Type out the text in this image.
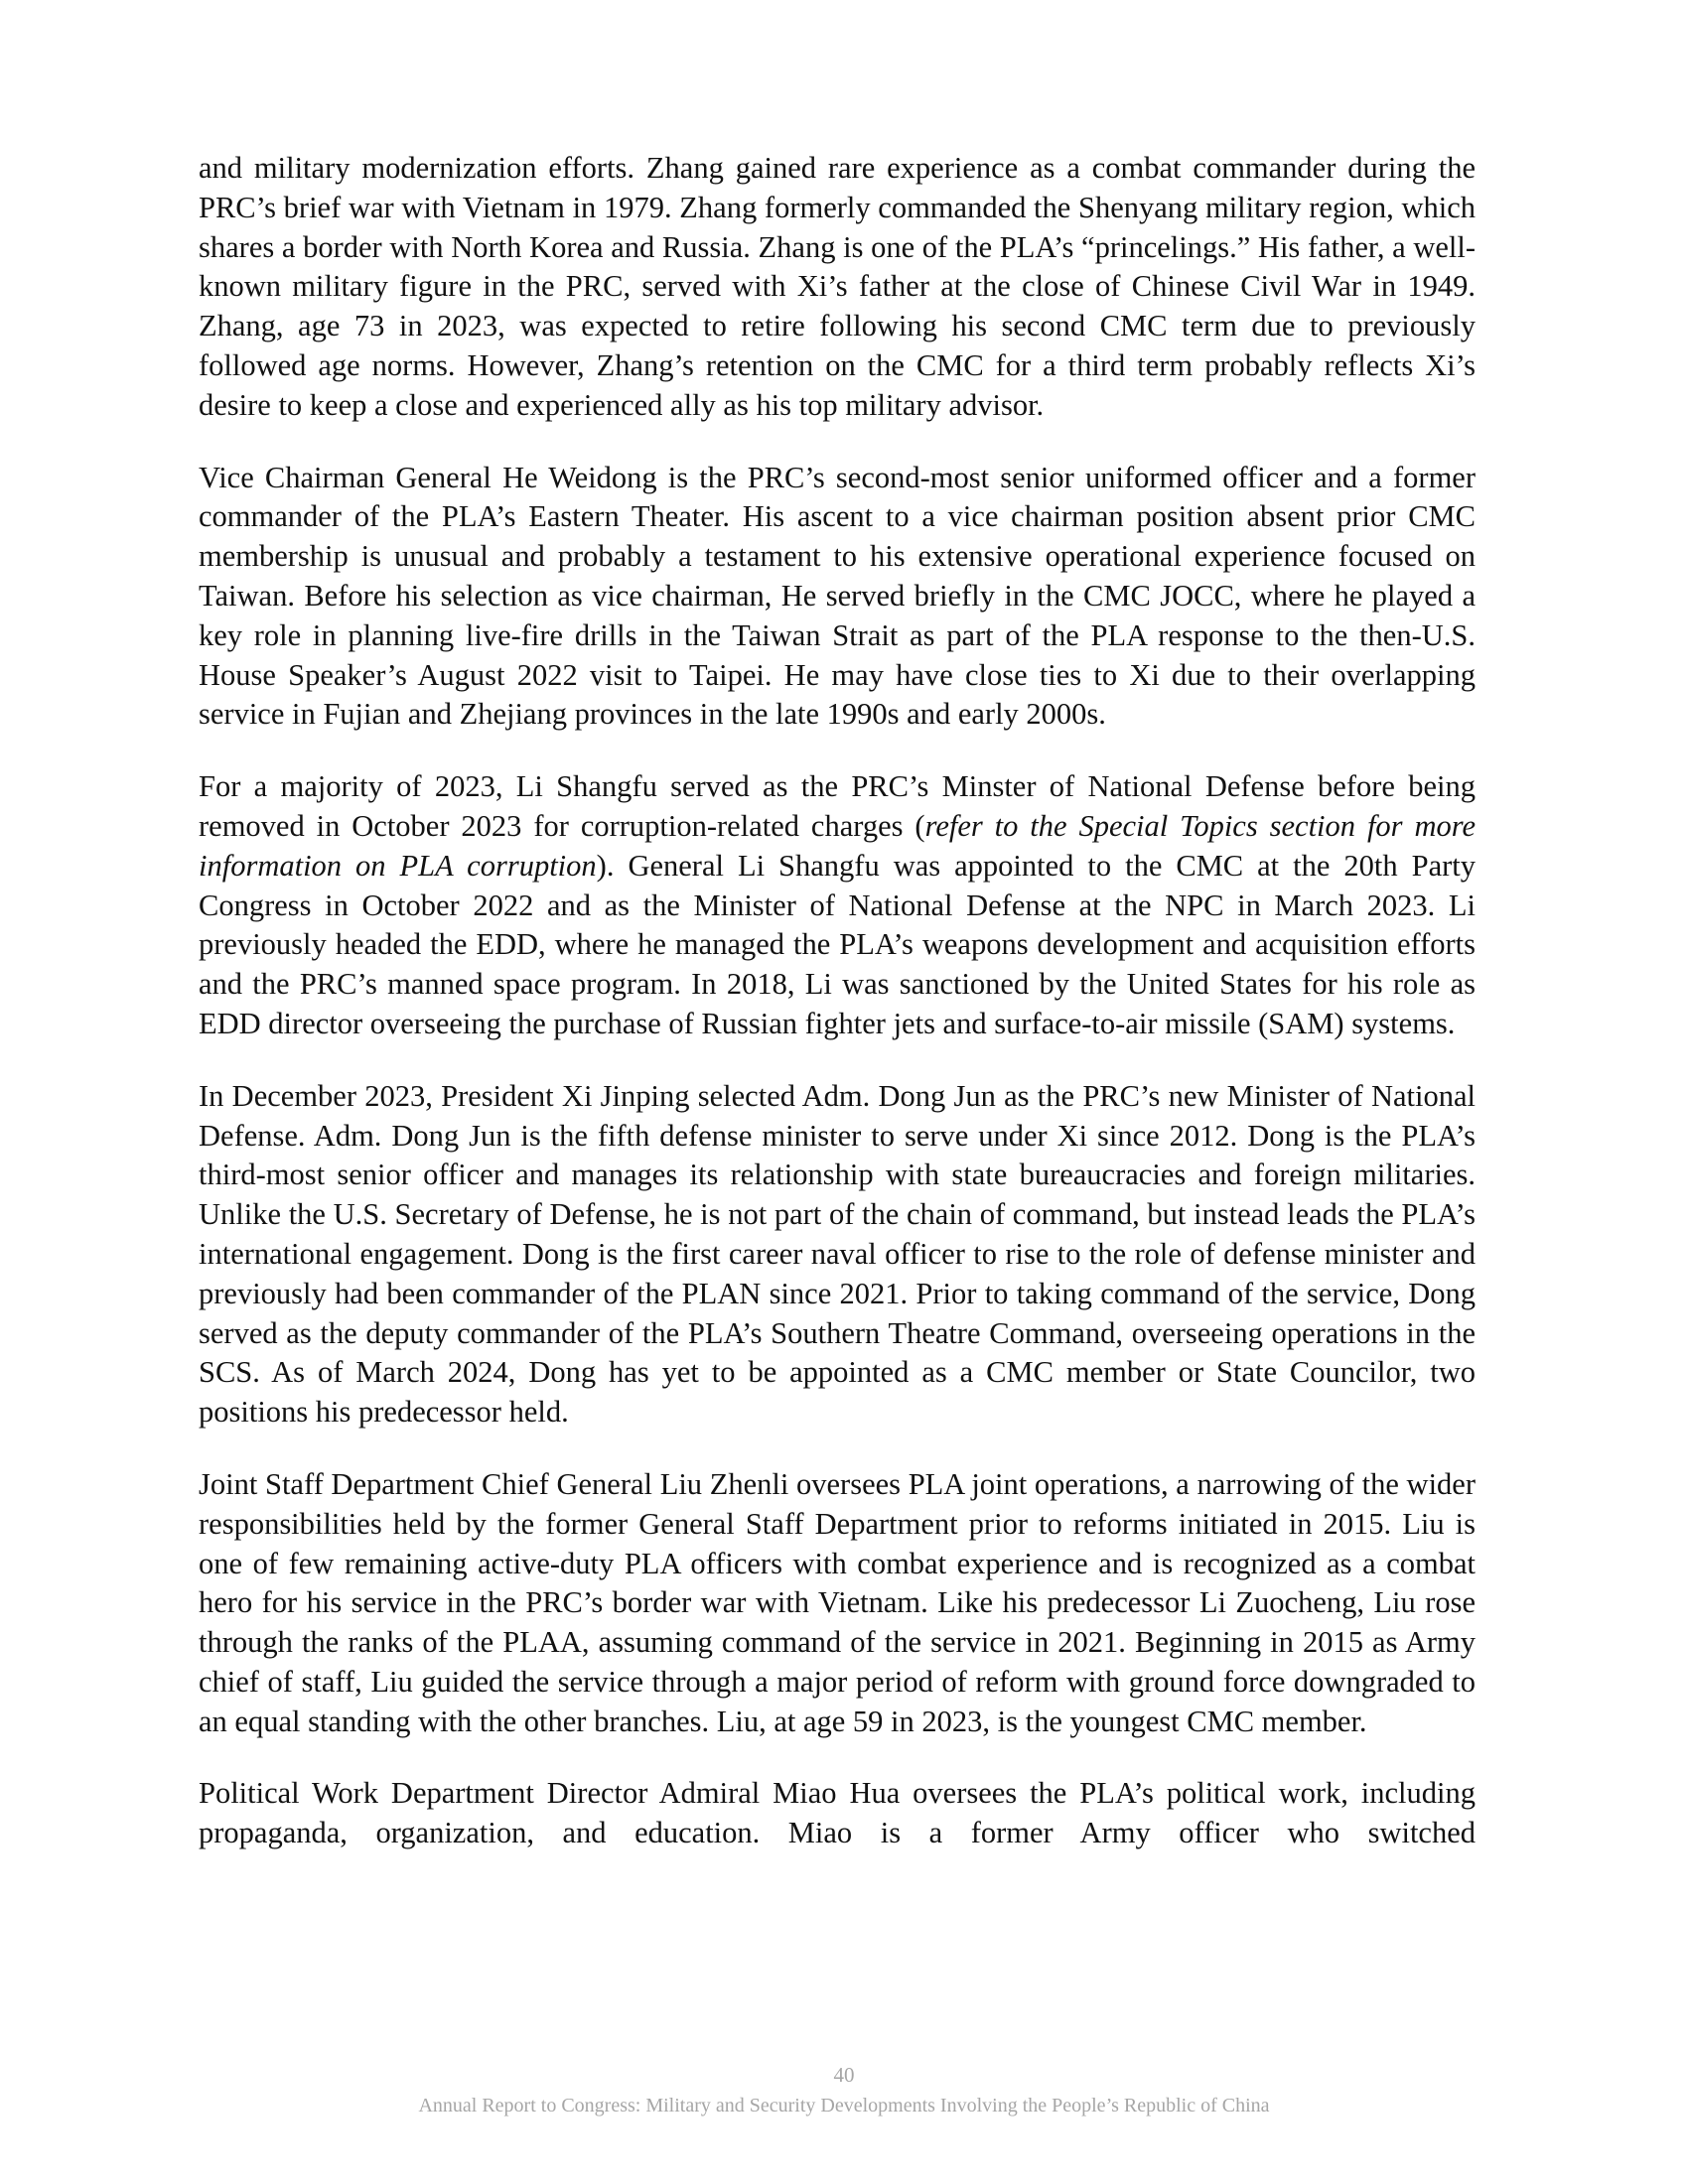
and military modernization efforts. Zhang gained rare experience as a combat commander during the PRC’s brief war with Vietnam in 1979. Zhang formerly commanded the Shenyang military region, which shares a border with North Korea and Russia. Zhang is one of the PLA’s “princelings.” His father, a well-known military figure in the PRC, served with Xi’s father at the close of Chinese Civil War in 1949. Zhang, age 73 in 2023, was expected to retire following his second CMC term due to previously followed age norms. However, Zhang’s retention on the CMC for a third term probably reflects Xi’s desire to keep a close and experienced ally as his top military advisor.

Vice Chairman General He Weidong is the PRC’s second-most senior uniformed officer and a former commander of the PLA’s Eastern Theater. His ascent to a vice chairman position absent prior CMC membership is unusual and probably a testament to his extensive operational experience focused on Taiwan. Before his selection as vice chairman, He served briefly in the CMC JOCC, where he played a key role in planning live-fire drills in the Taiwan Strait as part of the PLA response to the then-U.S. House Speaker’s August 2022 visit to Taipei. He may have close ties to Xi due to their overlapping service in Fujian and Zhejiang provinces in the late 1990s and early 2000s.

For a majority of 2023, Li Shangfu served as the PRC’s Minster of National Defense before being removed in October 2023 for corruption-related charges (refer to the Special Topics section for more information on PLA corruption). General Li Shangfu was appointed to the CMC at the 20th Party Congress in October 2022 and as the Minister of National Defense at the NPC in March 2023. Li previously headed the EDD, where he managed the PLA’s weapons development and acquisition efforts and the PRC’s manned space program. In 2018, Li was sanctioned by the United States for his role as EDD director overseeing the purchase of Russian fighter jets and surface-to-air missile (SAM) systems.

In December 2023, President Xi Jinping selected Adm. Dong Jun as the PRC’s new Minister of National Defense. Adm. Dong Jun is the fifth defense minister to serve under Xi since 2012. Dong is the PLA’s third-most senior officer and manages its relationship with state bureaucracies and foreign militaries. Unlike the U.S. Secretary of Defense, he is not part of the chain of command, but instead leads the PLA’s international engagement. Dong is the first career naval officer to rise to the role of defense minister and previously had been commander of the PLAN since 2021. Prior to taking command of the service, Dong served as the deputy commander of the PLA’s Southern Theatre Command, overseeing operations in the SCS. As of March 2024, Dong has yet to be appointed as a CMC member or State Councilor, two positions his predecessor held.

Joint Staff Department Chief General Liu Zhenli oversees PLA joint operations, a narrowing of the wider responsibilities held by the former General Staff Department prior to reforms initiated in 2015. Liu is one of few remaining active-duty PLA officers with combat experience and is recognized as a combat hero for his service in the PRC’s border war with Vietnam. Like his predecessor Li Zuocheng, Liu rose through the ranks of the PLAA, assuming command of the service in 2021. Beginning in 2015 as Army chief of staff, Liu guided the service through a major period of reform with ground force downgraded to an equal standing with the other branches. Liu, at age 59 in 2023, is the youngest CMC member.

Political Work Department Director Admiral Miao Hua oversees the PLA’s political work, including propaganda, organization, and education. Miao is a former Army officer who switched

40
Annual Report to Congress: Military and Security Developments Involving the People’s Republic of China
